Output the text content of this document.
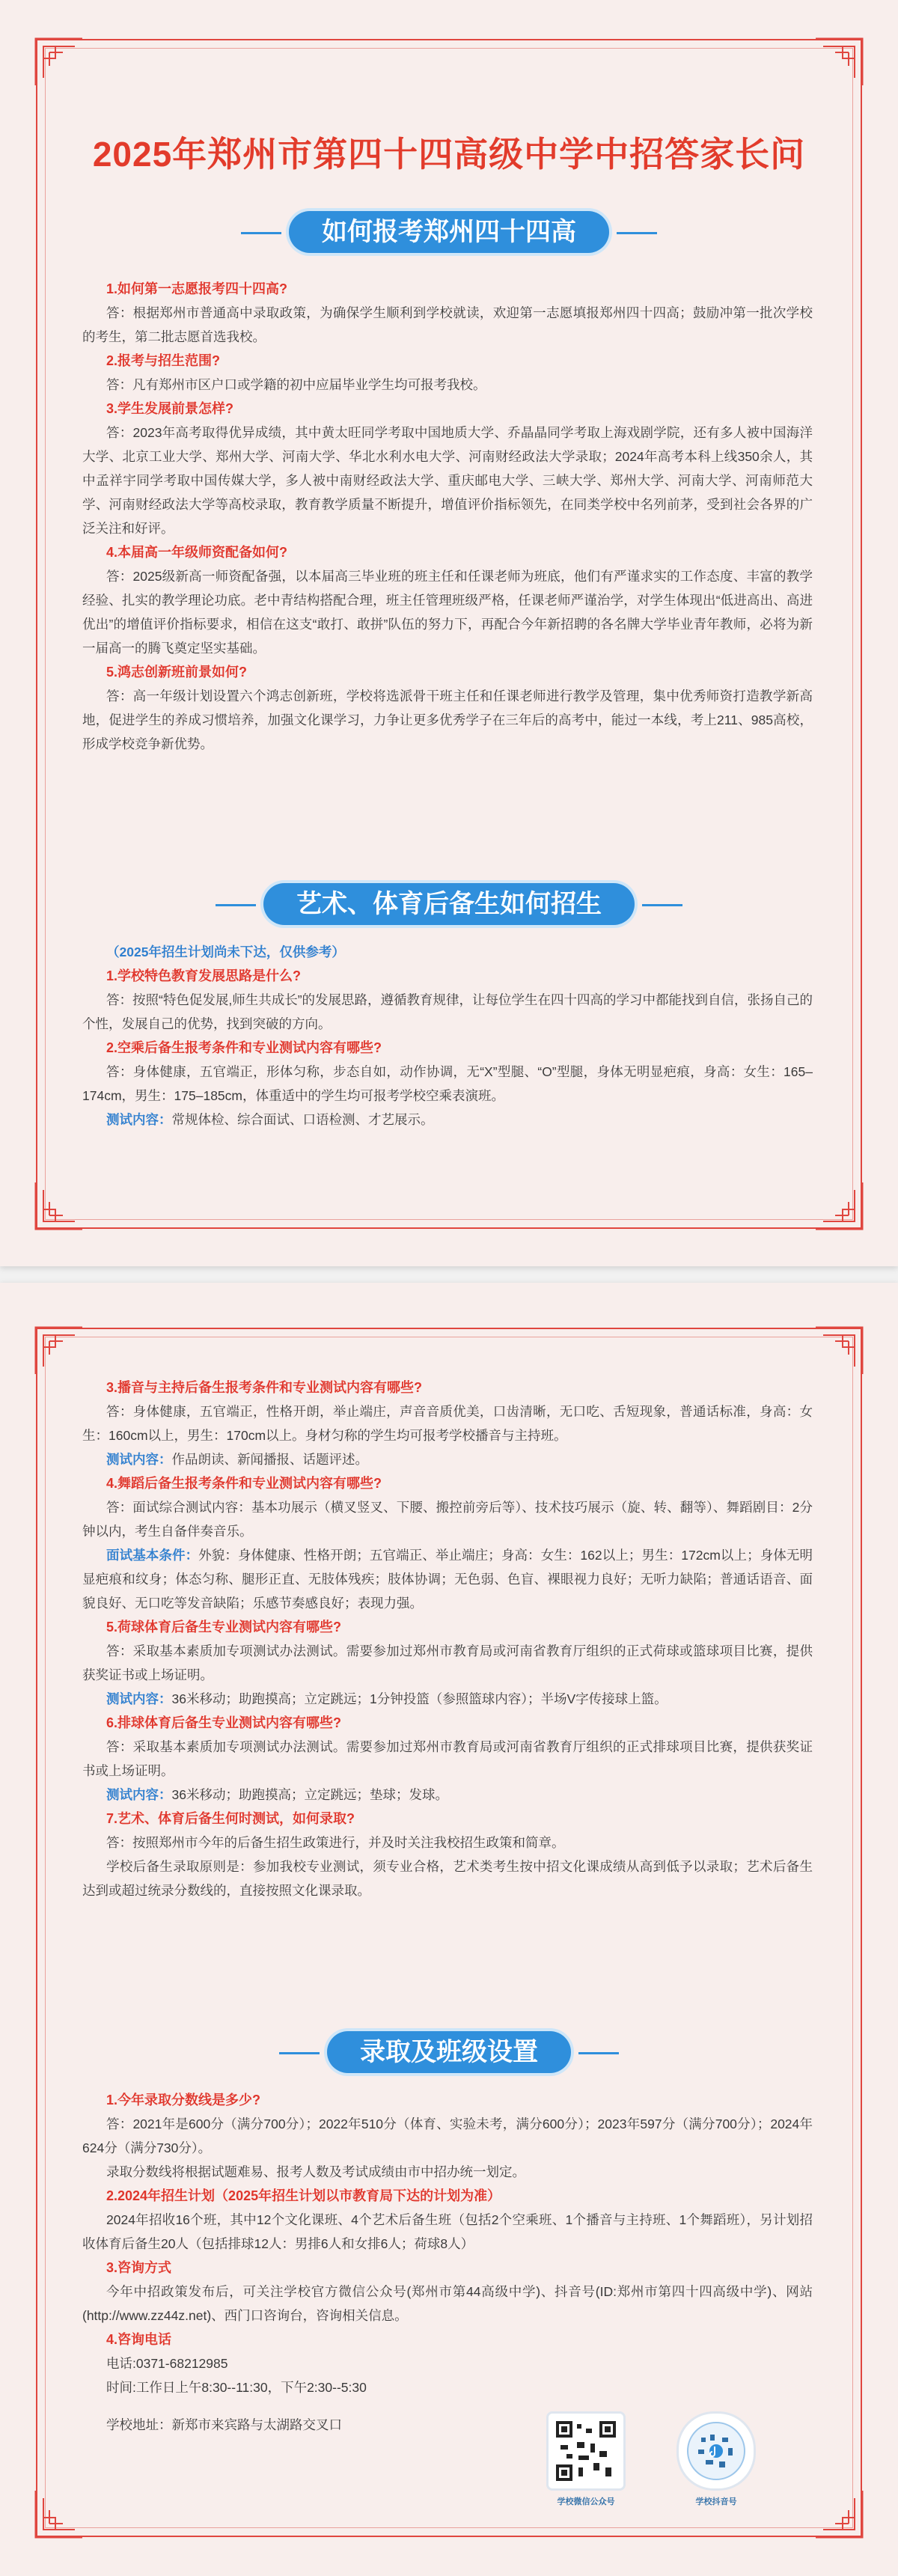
2025年郑州市第四十四高级中学中招答家长问
如何报考郑州四十四高
1.如何第一志愿报考四十四高?
答：根据郑州市普通高中录取政策，为确保学生顺利到学校就读，欢迎第一志愿填报郑州四十四高；鼓励冲第一批次学校的考生，第二批志愿首选我校。
2.报考与招生范围?
答：凡有郑州市区户口或学籍的初中应届毕业学生均可报考我校。
3.学生发展前景怎样?
答：2023年高考取得优异成绩，其中黄太旺同学考取中国地质大学、乔晶晶同学考取上海戏剧学院，还有多人被中国海洋大学、北京工业大学、郑州大学、河南大学、华北水利水电大学、河南财经政法大学录取；2024年高考本科上线350余人，其中孟祥宇同学考取中国传媒大学，多人被中南财经政法大学、重庆邮电大学、三峡大学、郑州大学、河南大学、河南师范大学、河南财经政法大学等高校录取，教育教学质量不断提升，增值评价指标领先，在同类学校中名列前茅，受到社会各界的广泛关注和好评。
4.本届高一年级师资配备如何?
答：2025级新高一师资配备强，以本届高三毕业班的班主任和任课老师为班底，他们有严谨求实的工作态度、丰富的教学经验、扎实的教学理论功底。老中青结构搭配合理，班主任管理班级严格，任课老师严谨治学，对学生体现出“低进高出、高进优出”的增值评价指标要求，相信在这支“敢打、敢拼”队伍的努力下，再配合今年新招聘的各名牌大学毕业青年教师，必将为新一届高一的腾飞奠定坚实基础。
5.鸿志创新班前景如何?
答：高一年级计划设置六个鸿志创新班，学校将选派骨干班主任和任课老师进行教学及管理，集中优秀师资打造教学新高地，促进学生的养成习惯培养，加强文化课学习，力争让更多优秀学子在三年后的高考中，能过一本线，考上211、985高校，形成学校竞争新优势。
艺术、体育后备生如何招生
（2025年招生计划尚未下达，仅供参考）
1.学校特色教育发展思路是什么?
答：按照“特色促发展,师生共成长”的发展思路，遵循教育规律，让每位学生在四十四高的学习中都能找到自信，张扬自己的个性，发展自己的优势，找到突破的方向。
2.空乘后备生报考条件和专业测试内容有哪些?
答：身体健康，五官端正，形体匀称，步态自如，动作协调，无“X”型腿、“O”型腿，身体无明显疤痕，身高：女生：165–174cm，男生：175–185cm，体重适中的学生均可报考学校空乘表演班。
测试内容：常规体检、综合面试、口语检测、才艺展示。
3.播音与主持后备生报考条件和专业测试内容有哪些?
答：身体健康，五官端正，性格开朗，举止端庄，声音音质优美，口齿清晰，无口吃、舌短现象，普通话标准，身高：女生：160cm以上，男生：170cm以上。身材匀称的学生均可报考学校播音与主持班。
测试内容：作品朗读、新闻播报、话题评述。
4.舞蹈后备生报考条件和专业测试内容有哪些?
答：面试综合测试内容：基本功展示（横叉竖叉、下腰、搬控前旁后等）、技术技巧展示（旋、转、翻等）、舞蹈剧目：2分钟以内，考生自备伴奏音乐。
面试基本条件：外貌：身体健康、性格开朗；五官端正、举止端庄；身高：女生：162以上；男生：172cm以上；身体无明显疤痕和纹身；体态匀称、腿形正直、无肢体残疾；肢体协调；无色弱、色盲、裸眼视力良好；无听力缺陷；普通话语音、面貌良好、无口吃等发音缺陷；乐感节奏感良好；表现力强。
5.荷球体育后备生专业测试内容有哪些?
答：采取基本素质加专项测试办法测试。需要参加过郑州市教育局或河南省教育厅组织的正式荷球或篮球项目比赛，提供获奖证书或上场证明。
测试内容：36米移动；助跑摸高；立定跳远；1分钟投篮（参照篮球内容）；半场V字传接球上篮。
6.排球体育后备生专业测试内容有哪些?
答：采取基本素质加专项测试办法测试。需要参加过郑州市教育局或河南省教育厅组织的正式排球项目比赛，提供获奖证书或上场证明。
测试内容：36米移动；助跑摸高；立定跳远；垫球；发球。
7.艺术、体育后备生何时测试，如何录取?
答：按照郑州市今年的后备生招生政策进行，并及时关注我校招生政策和简章。
学校后备生录取原则是：参加我校专业测试，须专业合格，艺术类考生按中招文化课成绩从高到低予以录取；艺术后备生达到或超过统录分数线的，直接按照文化课录取。
录取及班级设置
1.今年录取分数线是多少?
答：2021年是600分（满分700分）；2022年510分（体育、实验未考，满分600分）；2023年597分（满分700分）；2024年624分（满分730分）。
录取分数线将根据试题难易、报考人数及考试成绩由市中招办统一划定。
2.2024年招生计划（2025年招生计划以市教育局下达的计划为准）
2024年招收16个班，其中12个文化课班、4个艺术后备生班（包括2个空乘班、1个播音与主持班、1个舞蹈班），另计划招收体育后备生20人（包括排球12人：男排6人和女排6人；荷球8人）
3.咨询方式
今年中招政策发布后，可关注学校官方微信公众号(郑州市第44高级中学)、抖音号(ID:郑州市第四十四高级中学)、网站(http://www.zz44z.net)、西门口咨询台，咨询相关信息。
4.咨询电话
电话:0371-68212985
时间:工作日上午8:30--11:30，下午2:30--5:30
学校地址：新郑市来宾路与太湖路交叉口
学校微信公众号	学校抖音号
